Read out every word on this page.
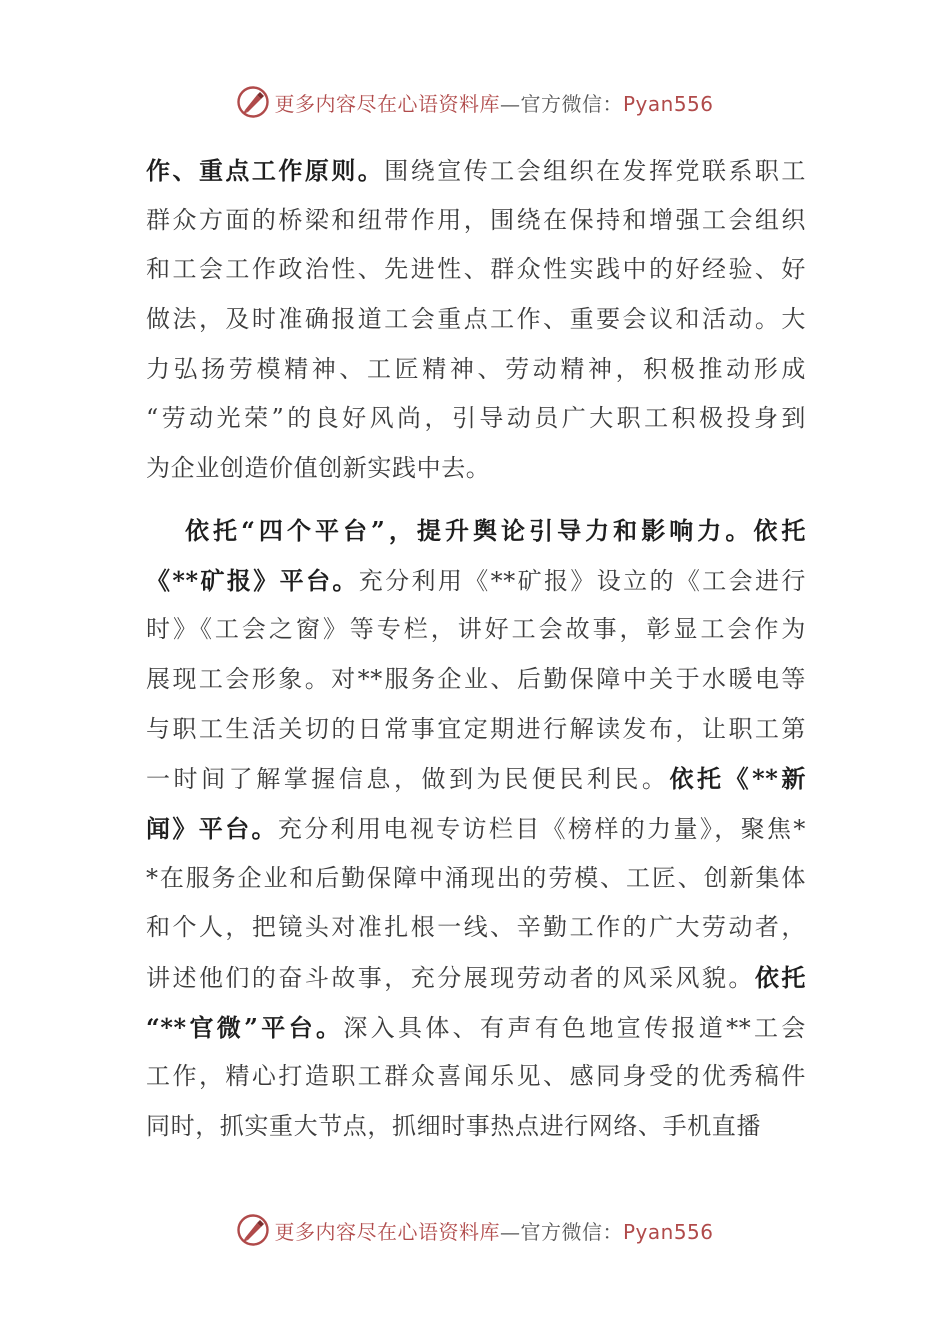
更多内容尽在心语资料库—官方微信：Pyan556
作、重点工作原则。围绕宣传工会组织在发挥党联系职工
群众方面的桥梁和纽带作用，围绕在保持和增强工会组织
和工会工作政治性、先进性、群众性实践中的好经验、好
做法，及时准确报道工会重点工作、重要会议和活动。大
力弘扬劳模精神、工匠精神、劳动精神，积极推动形成
“劳动光荣”的良好风尚，引导动员广大职工积极投身到
为企业创造价值创新实践中去。
依托“四个平台”，提升舆论引导力和影响力。依托
《**矿报》平台。充分利用《**矿报》设立的《工会进行
时》《工会之窗》等专栏，讲好工会故事，彰显工会作为
展现工会形象。对**服务企业、后勤保障中关于水暖电等
与职工生活关切的日常事宜定期进行解读发布，让职工第
一时间了解掌握信息，做到为民便民利民。依托《**新
闻》平台。充分利用电视专访栏目《榜样的力量》，聚焦*
*在服务企业和后勤保障中涌现出的劳模、工匠、创新集体
和个人，把镜头对准扎根一线、辛勤工作的广大劳动者，
讲述他们的奋斗故事，充分展现劳动者的风采风貌。依托
“**官微”平台。深入具体、有声有色地宣传报道**工会
工作，精心打造职工群众喜闻乐见、感同身受的优秀稿件
同时，抓实重大节点，抓细时事热点进行网络、手机直播
更多内容尽在心语资料库—官方微信：Pyan556
